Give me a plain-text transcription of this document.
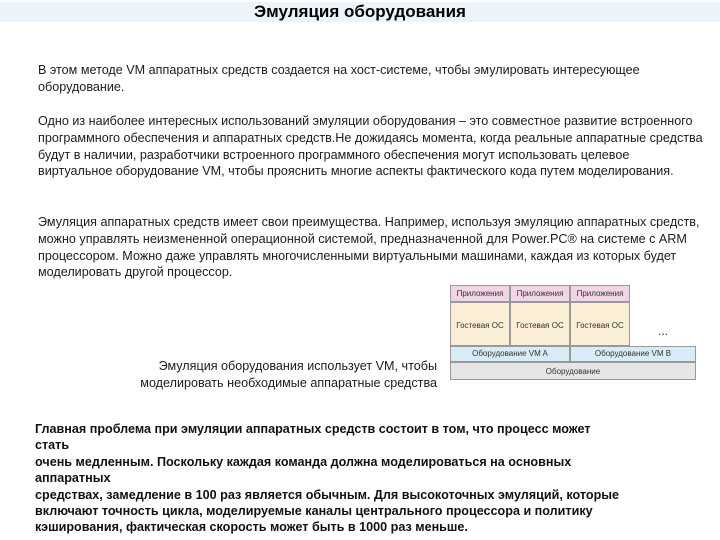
Эмуляция оборудования
В этом методе VM аппаратных средств создается на хост-системе, чтобы эмулировать интересующее оборудование.
Одно из наиболее интересных использований эмуляции оборудования – это совместное развитие встроенного программного обеспечения и аппаратных средств.Не дожидаясь момента, когда реальные аппаратные средства будут в наличии, разработчики встроенного программного обеспечения могут использовать целевое виртуальное оборудование VM, чтобы прояснить многие аспекты фактического кода путем моделирования.
Эмуляция аппаратных средств имеет свои преимущества. Например, используя эмуляцию аппаратных средств, можно управлять неизмененной операционной системой, предназначенной для Power.PC® на системе с ARM процессором. Можно даже управлять многочисленными виртуальными машинами, каждая из которых будет моделировать другой процессор.
Эмуляция оборудования использует VM, чтобы
моделировать необходимые аппаратные средства
Приложения	Приложения	Приложения
Гостевая ОС	Гостевая ОС	Гостевая ОС
Оборудование VM A	Оборудование VM B
Оборудование
...
Главная проблема при эмуляции аппаратных средств состоит в том, что процесс может
стать
очень медленным. Поскольку каждая команда должна моделироваться на основных
аппаратных
средствах, замедление в 100 раз является обычным. Для высокоточных эмуляций, которые
включают точность цикла, моделируемые каналы центрального процессора и политику
кэширования, фактическая скорость может быть в 1000 раз меньше.
